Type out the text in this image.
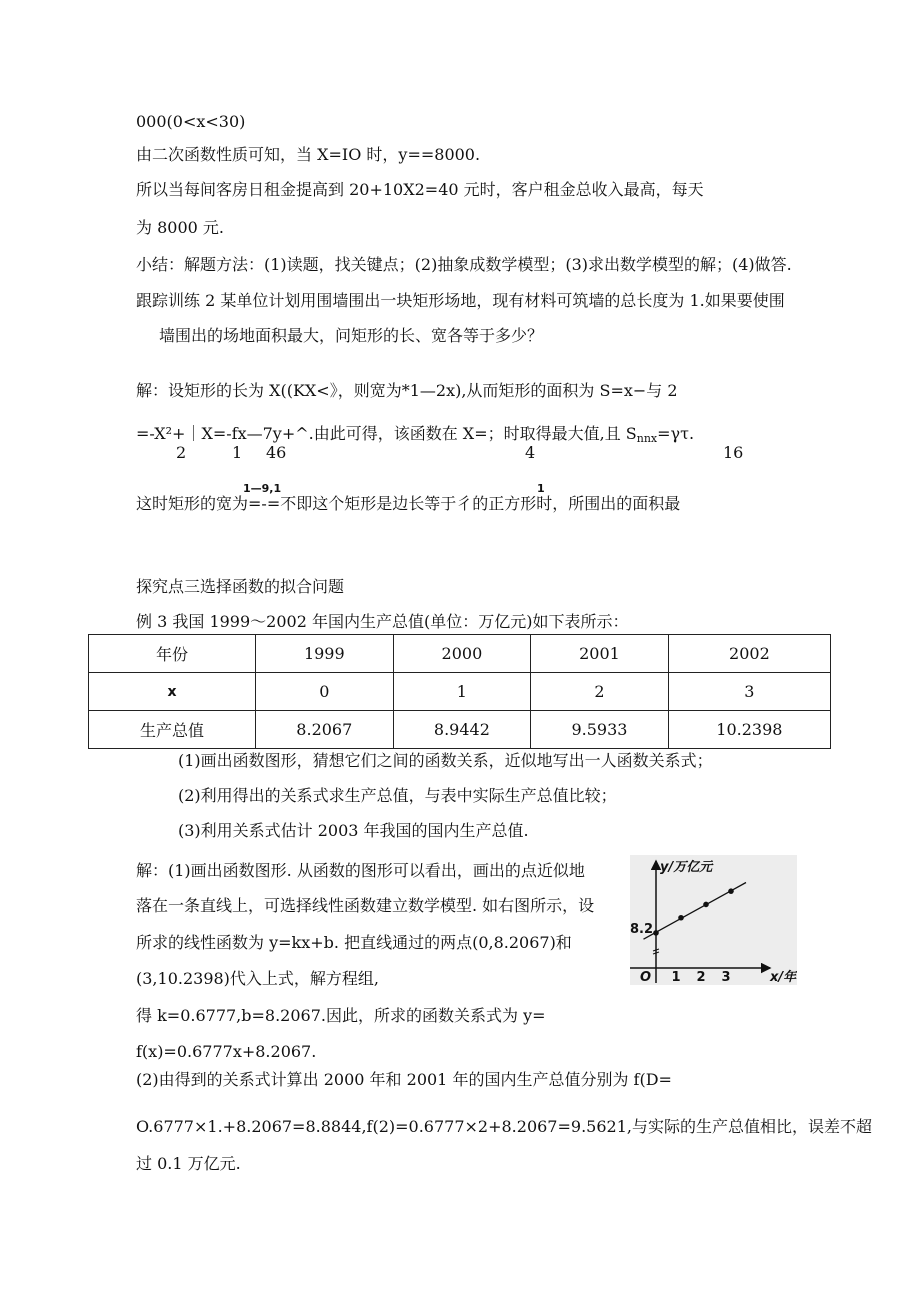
000(0<x<30)
由二次函数性质可知，当 X=IO 时，y==8000.
所以当每间客房日租金提高到 20+10X2=40 元时，客户租金总收入最高，每天
为 8000 元.
小结：解题方法：(1)读题，找关键点；(2)抽象成数学模型；(3)求出数学模型的解；(4)做答.
跟踪训练 2 某单位计划用围墙围出一块矩形场地，现有材料可筑墙的总长度为 1.如果要使围
墙围出的场地面积最大，问矩形的长、宽各等于多少？
解：设矩形的长为 X((KX<》，则宽为*1—2x),从而矩形的面积为 S=x−与 2
=-X²+｜X=-fx—7y+^.由此可得，该函数在 X=；时取得最大值,且 Snnx=γτ.
2	1 46	4	16
1—9,1	1
这时矩形的宽为=-=不即这个矩形是边长等于彳的正方形时，所围出的面积最
探究点三选择函数的拟合问题
例 3 我国 1999～2002 年国内生产总值(单位：万亿元)如下表所示：
年份	1999	2000	2001	2002
x	0	1	2	3
生产总值	8.2067	8.9442	9.5933	10.2398
(1)画出函数图形，猜想它们之间的函数关系，近似地写出一人函数关系式；
(2)利用得出的关系式求生产总值，与表中实际生产总值比较；
(3)利用关系式估计 2003 年我国的国内生产总值.
解：(1)画出函数图形. 从函数的图形可以看出，画出的点近似地
落在一条直线上，可选择线性函数建立数学模型. 如右图所示，设
所求的线性函数为 y=kx+b. 把直线通过的两点(0,8.2067)和
(3,10.2398)代入上式，解方程组,
得 k=0.6777,b=8.2067.因此，所求的函数关系式为 y=
f(x)=0.6777x+8.2067.
(2)由得到的关系式计算出 2000 年和 2001 年的国内生产总值分别为 f(D=
O.6777×1.+8.2067=8.8844,f(2)=0.6777×2+8.2067=9.5621,与实际的生产总值相比，误差不超
过 0.1 万亿元.
y/万亿元
x/年
O
8.2
1 2 3
